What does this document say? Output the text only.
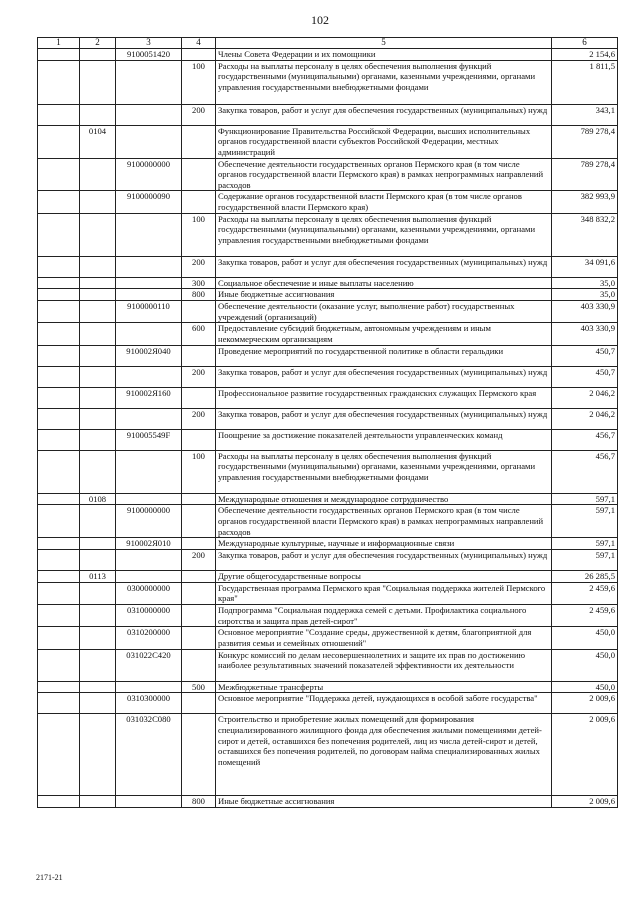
102
1	2	3	4	5	6
		9100051420		Члены Совета Федерации и их помощники	2 154,6
			100	Расходы на выплаты персоналу в целях обеспечения выполнения функций государственными (муниципальными) органами, казенными учреждениями, органами управления государственными внебюджетными фондами	1 811,5
			200	Закупка товаров, работ и услуг для обеспечения государственных (муниципальных) нужд	343,1
	0104			Функционирование Правительства Российской Федерации, высших исполнительных органов государственной власти субъектов Российской Федерации, местных администраций	789 278,4
		9100000000		Обеспечение деятельности государственных органов Пермского края (в том числе органов государственной власти Пермского края) в рамках непрограммных направлений расходов	789 278,4
		9100000090		Содержание органов государственной власти Пермского края (в том числе органов государственной власти Пермского края)	382 993,9
			100	Расходы на выплаты персоналу в целях обеспечения выполнения функций государственными (муниципальными) органами, казенными учреждениями, органами управления государственными внебюджетными фондами	348 832,2
			200	Закупка товаров, работ и услуг для обеспечения государственных (муниципальных) нужд	34 091,6
			300	Социальное обеспечение и иные выплаты населению	35,0
			800	Иные бюджетные ассигнования	35,0
		9100000110		Обеспечение деятельности (оказание услуг, выполнение работ) государственных учреждений (организаций)	403 330,9
			600	Предоставление субсидий бюджетным, автономным учреждениям и иным некоммерческим организациям	403 330,9
		910002Я040		Проведение мероприятий по государственной политике в области геральдики	450,7
			200	Закупка товаров, работ и услуг для обеспечения государственных (муниципальных) нужд	450,7
		910002Я160		Профессиональное развитие государственных гражданских служащих Пермского края	2 046,2
			200	Закупка товаров, работ и услуг для обеспечения государственных (муниципальных) нужд	2 046,2
		910005549F		Поощрение за достижение показателей деятельности управленческих команд	456,7
			100	Расходы на выплаты персоналу в целях обеспечения выполнения функций государственными (муниципальными) органами, казенными учреждениями, органами управления государственными внебюджетными фондами	456,7
	0108			Международные отношения и международное сотрудничество	597,1
		9100000000		Обеспечение деятельности государственных органов Пермского края (в том числе органов государственной власти Пермского края) в рамках непрограммных направлений расходов	597,1
		910002Я010		Международные культурные, научные и информационные связи	597,1
			200	Закупка товаров, работ и услуг для обеспечения государственных (муниципальных) нужд	597,1
	0113			Другие общегосударственные вопросы	26 285,5
		0300000000		Государственная программа Пермского края "Социальная поддержка жителей Пермского края"	2 459,6
		0310000000		Подпрограмма "Социальная поддержка семей с детьми. Профилактика социального сиротства и защита прав детей-сирот"	2 459,6
		0310200000		Основное мероприятие "Создание среды, дружественной к детям, благоприятной для развития семьи и семейных отношений"	450,0
		031022C420		Конкурс комиссий по делам несовершеннолетних и защите их прав по достижению наиболее результативных значений показателей эффективности их деятельности	450,0
			500	Межбюджетные трансферты	450,0
		0310300000		Основное мероприятие "Поддержка детей, нуждающихся в особой заботе государства"	2 009,6
		031032C080		Строительство и приобретение жилых помещений для формирования специализированного жилищного фонда для обеспечения жилыми помещениями детей-сирот и детей, оставшихся без попечения родителей, лиц из числа детей-сирот и детей, оставшихся без попечения родителей, по договорам найма специализированных жилых помещений	2 009,6
			800	Иные бюджетные ассигнования	2 009,6
2171-21
